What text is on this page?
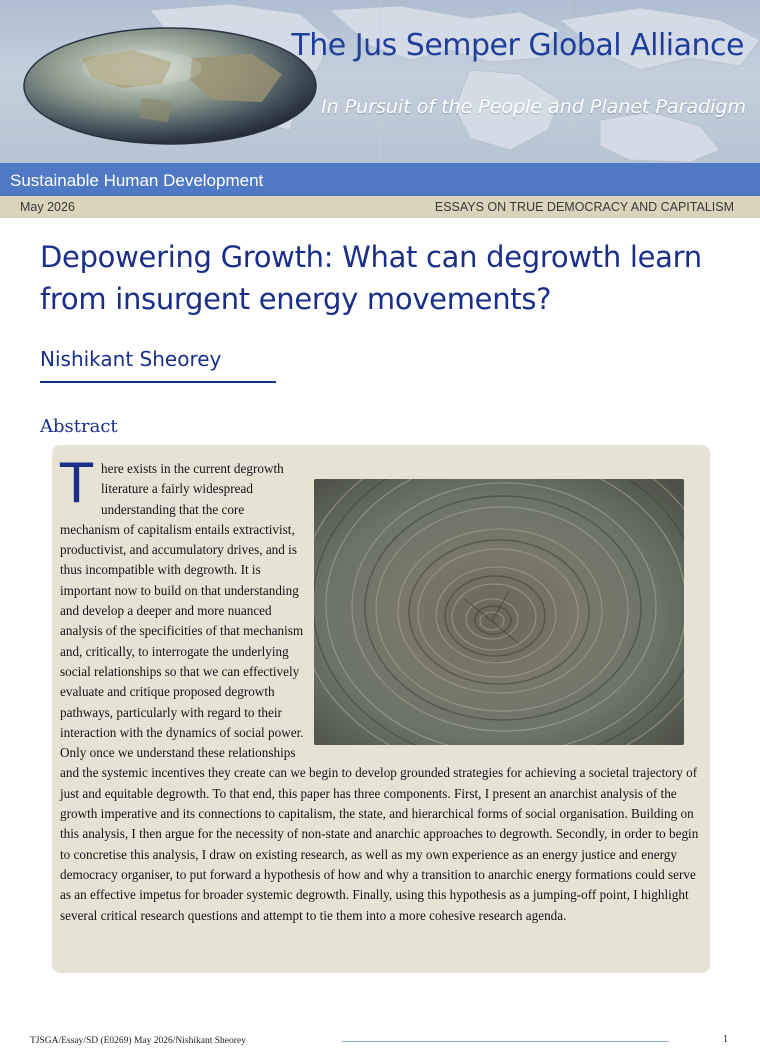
The Jus Semper Global Alliance
In Pursuit of the People and Planet Paradigm
Sustainable Human Development
May 2026	ESSAYS ON TRUE DEMOCRACY AND CAPITALISM
Depowering Growth: What can degrowth learn from insurgent energy movements?
Nishikant Sheorey
Abstract

T here exists in the current degrowth literature a fairly widespread understanding that the core mechanism of capitalism entails extractivist, productivist, and accumulatory drives, and is thus incompatible with degrowth. It is important now to build on that understanding and develop a deeper and more nuanced analysis of the specificities of that mechanism and, critically, to interrogate the underlying social relationships so that we can effectively evaluate and critique proposed degrowth pathways, particularly with regard to their interaction with the dynamics of social power. Only once we understand these relationships and the systemic incentives they create can we begin to develop grounded strategies for achieving a societal trajectory of just and equitable degrowth. To that end, this paper has three components. First, I present an anarchist analysis of the growth imperative and its connections to capitalism, the state, and hierarchical forms of social organisation. Building on this analysis, I then argue for the necessity of non-state and anarchic approaches to degrowth. Secondly, in order to begin to concretise this analysis, I draw on existing research, as well as my own experience as an energy justice and energy democracy organiser, to put forward a hypothesis of how and why a transition to anarchic energy formations could serve as an effective impetus for broader systemic degrowth. Finally, using this hypothesis as a jumping-off point, I highlight several critical research questions and attempt to tie them into a more cohesive research agenda.

TJSGA/Essay/SD (E0269) May 2026/Nishikant Sheorey	1
